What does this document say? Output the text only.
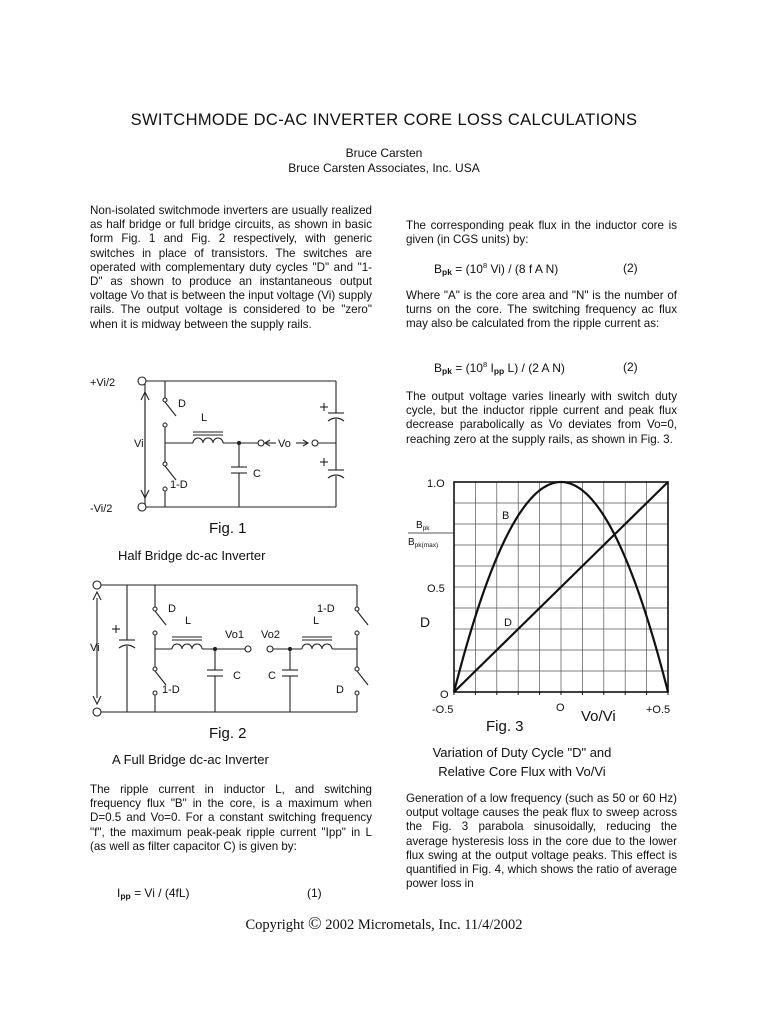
SWITCHMODE DC-AC INVERTER CORE LOSS CALCULATIONS
Bruce Carsten
Bruce Carsten Associates, Inc. USA

Non-isolated switchmode inverters are usually realized as half bridge or full bridge circuits, as shown in basic form Fig. 1 and Fig. 2 respectively, with generic switches in place of transistors. The switches are operated with complementary duty cycles "D" and "1-D" as shown to produce an instantaneous output voltage Vo that is between the input voltage (Vi) supply rails. The output voltage is considered to be "zero" when it is midway between the supply rails.

+Vi/2
-Vi/2
Vi
D
1-D
L
C
Vo
Fig. 1
Half Bridge dc-ac Inverter
Vi
D
1-D
1-D
D
L	L
C C
Vo1 Vo2
Fig. 2
A Full Bridge dc-ac Inverter

The ripple current in inductor L, and switching frequency flux "B" in the core, is a maximum when D=0.5 and Vo=0. For a constant switching frequency "f", the maximum peak-peak ripple current "Ipp" in L (as well as filter capacitor C) is given by:

$I_{pp} = Vi / (4fL)$	(1)

The corresponding peak flux in the inductor core is given (in CGS units) by:

$B_{pk} = (10^8$ Vi) / (8 f A N)	(2)

Where "A" is the core area and "N" is the number of turns on the core. The switching frequency ac flux may also be calculated from the ripple current as:

$B_{pk} = (10^8$ $I_{pp}$ L) / (2 A N)	(2)

The output voltage varies linearly with switch duty cycle, but the inductor ripple current and peak flux decrease parabolically as Vo deviates from Vo=0, reaching zero at the supply rails, as shown in Fig. 3.

1.O
O.5
O
-O.5	O	+O.5
Vo/Vi
D
$B_{pk}$
$B_{pk(max)}$
B
D
Fig. 3
Variation of Duty Cycle "D" and
Relative Core Flux with Vo/Vi

Generation of a low frequency (such as 50 or 60 Hz) output voltage causes the peak flux to sweep across the Fig. 3 parabola sinusoidally, reducing the average hysteresis loss in the core due to the lower flux swing at the output voltage peaks. This effect is quantified in Fig. 4, which shows the ratio of average power loss in

Copyright © 2002 Micrometals, Inc. 11/4/2002
